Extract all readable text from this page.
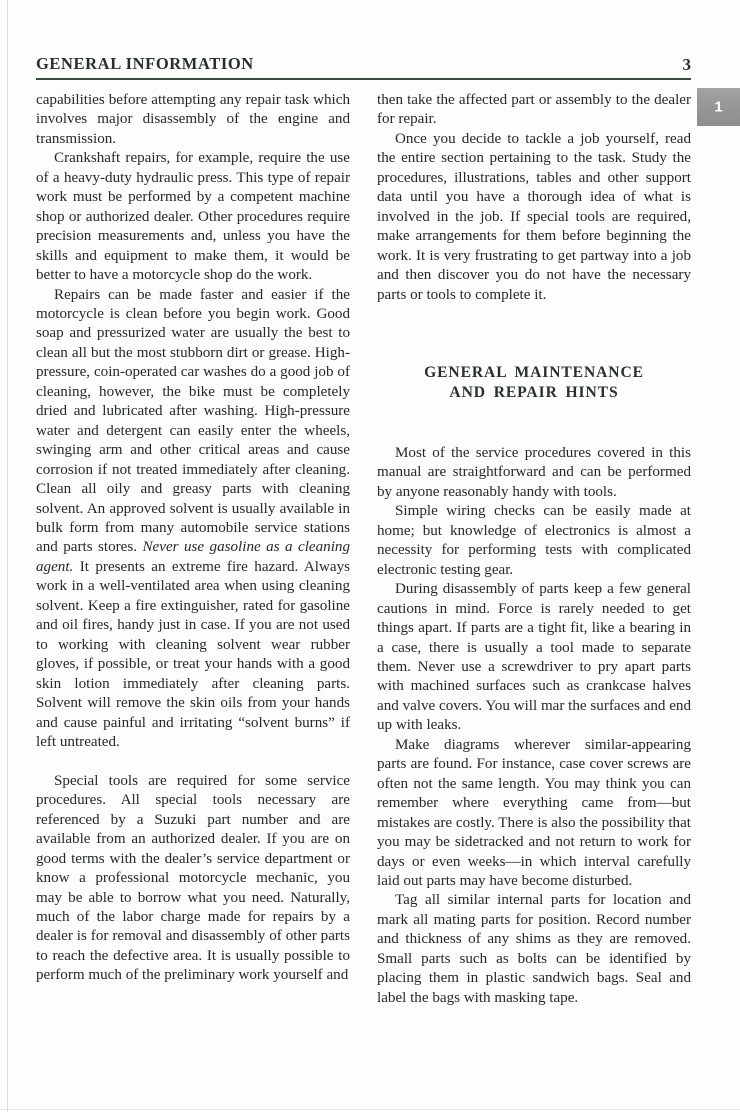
GENERAL INFORMATION	3
1

capabilities before attempting any repair task which involves major disassembly of the engine and transmission.

Crankshaft repairs, for example, require the use of a heavy-duty hydraulic press. This type of repair work must be performed by a competent machine shop or authorized dealer. Other procedures require precision measurements and, unless you have the skills and equipment to make them, it would be better to have a motorcycle shop do the work.

Repairs can be made faster and easier if the motorcycle is clean before you begin work. Good soap and pressurized water are usually the best to clean all but the most stubborn dirt or grease. High-pressure, coin-operated car washes do a good job of cleaning, however, the bike must be completely dried and lubricated after washing. High-pressure water and detergent can easily enter the wheels, swinging arm and other critical areas and cause corrosion if not treated immediately after cleaning. Clean all oily and greasy parts with cleaning solvent. An approved solvent is usually available in bulk form from many automobile service stations and parts stores. Never use gasoline as a cleaning agent. It presents an extreme fire hazard. Always work in a well-ventilated area when using cleaning solvent. Keep a fire extinguisher, rated for gasoline and oil fires, handy just in case. If you are not used to working with cleaning solvent wear rubber gloves, if possible, or treat your hands with a good skin lotion immediately after cleaning parts. Solvent will remove the skin oils from your hands and cause painful and irritating “solvent burns” if left untreated.

Special tools are required for some service procedures. All special tools necessary are referenced by a Suzuki part number and are available from an authorized dealer. If you are on good terms with the dealer’s service department or know a professional motorcycle mechanic, you may be able to borrow what you need. Naturally, much of the labor charge made for repairs by a dealer is for removal and disassembly of other parts to reach the defective area. It is usually possible to perform much of the preliminary work yourself and

then take the affected part or assembly to the dealer for repair.

Once you decide to tackle a job yourself, read the entire section pertaining to the task. Study the procedures, illustrations, tables and other support data until you have a thorough idea of what is involved in the job. If special tools are required, make arrangements for them before beginning the work. It is very frustrating to get partway into a job and then discover you do not have the necessary parts or tools to complete it.

GENERAL MAINTENANCE
AND REPAIR HINTS

Most of the service procedures covered in this manual are straightforward and can be performed by anyone reasonably handy with tools.

Simple wiring checks can be easily made at home; but knowledge of electronics is almost a necessity for performing tests with complicated electronic testing gear.

During disassembly of parts keep a few general cautions in mind. Force is rarely needed to get things apart. If parts are a tight fit, like a bearing in a case, there is usually a tool made to separate them. Never use a screwdriver to pry apart parts with machined surfaces such as crankcase halves and valve covers. You will mar the surfaces and end up with leaks.

Make diagrams wherever similar-appearing parts are found. For instance, case cover screws are often not the same length. You may think you can remember where everything came from—but mistakes are costly. There is also the possibility that you may be sidetracked and not return to work for days or even weeks—in which interval carefully laid out parts may have become disturbed.

Tag all similar internal parts for location and mark all mating parts for position. Record number and thickness of any shims as they are removed. Small parts such as bolts can be identified by placing them in plastic sandwich bags. Seal and label the bags with masking tape.
